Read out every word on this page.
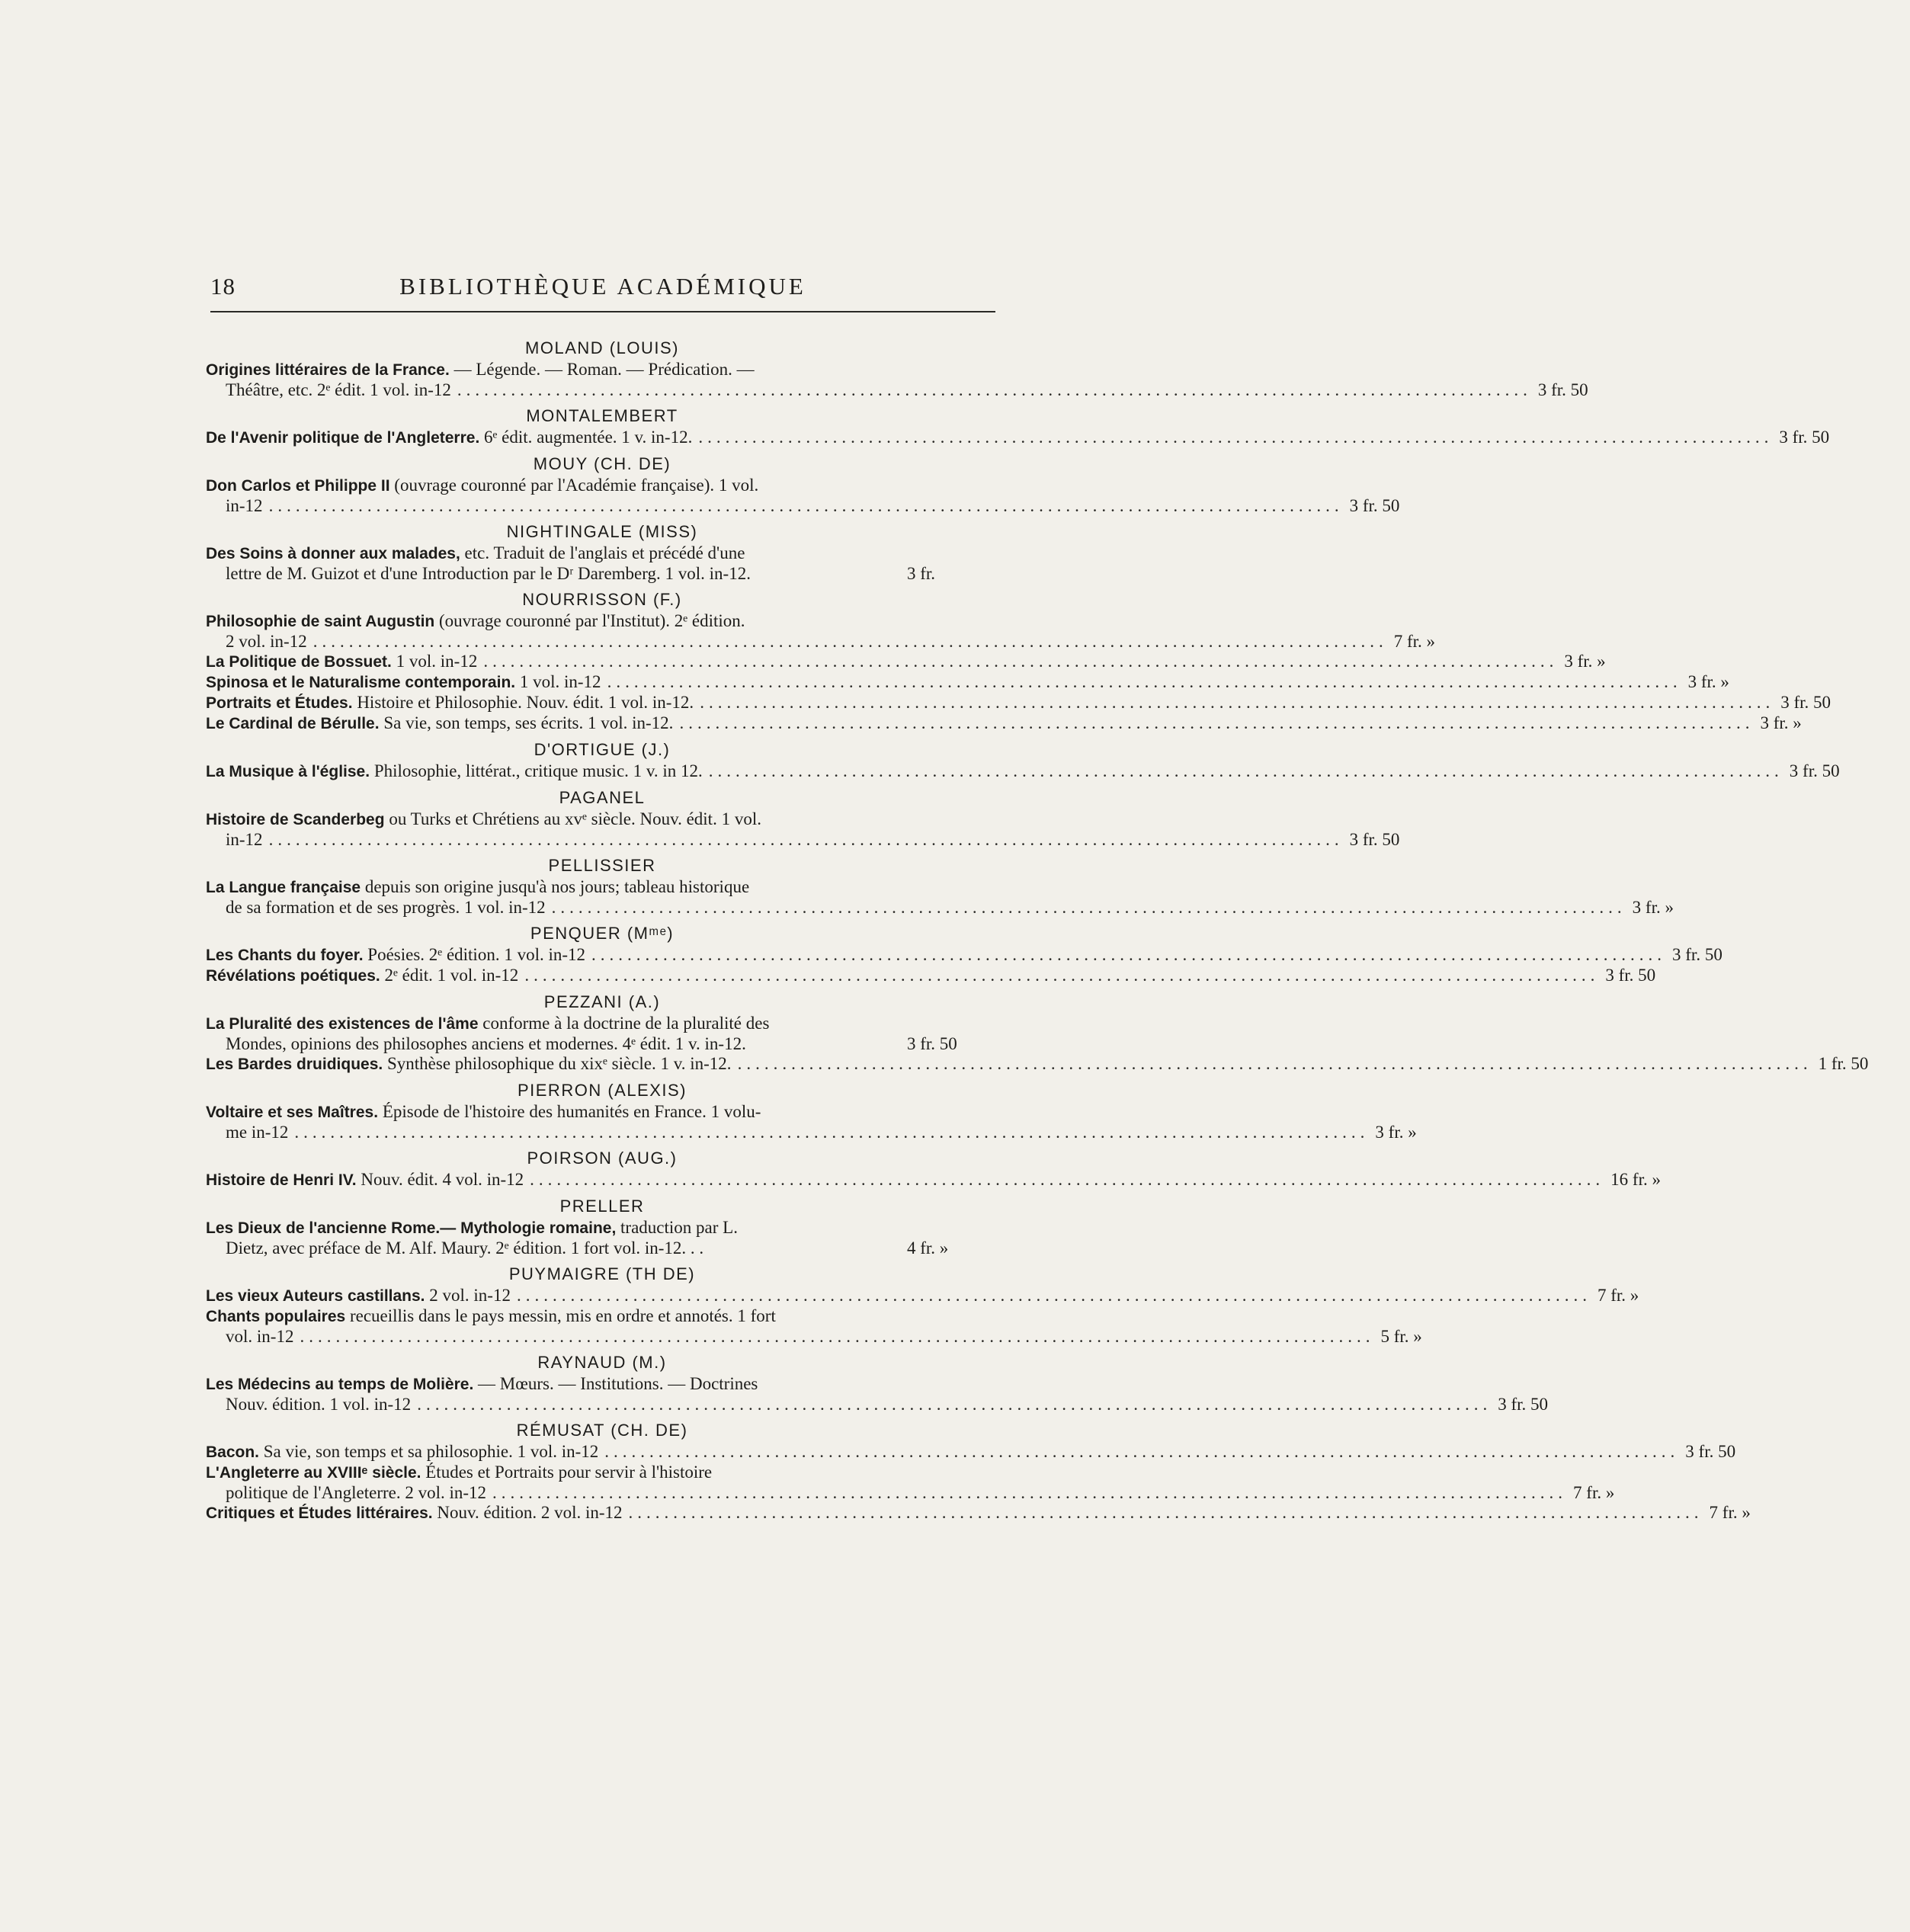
18	BIBLIOTHÈQUE ACADÉMIQUE
MOLAND (LOUIS)
Origines littéraires de la France. — Légende. — Roman. — Prédication. —
Théâtre, etc. 2ᵉ édit. 1 vol. in-12 ........................................................................................................................ 3 fr. 50
MONTALEMBERT
De l'Avenir politique de l'Angleterre. 6ᵉ édit. augmentée. 1 v. in-12. ........................................................................................................................ 3 fr. 50
MOUY (CH. DE)
Don Carlos et Philippe II (ouvrage couronné par l'Académie française). 1 vol.
in-12 ........................................................................................................................ 3 fr. 50
NIGHTINGALE (MISS)
Des Soins à donner aux malades, etc. Traduit de l'anglais et précédé d'une
lettre de M. Guizot et d'une Introduction par le Dʳ Daremberg. 1 vol. in-12.	3 fr.
NOURRISSON (F.)
Philosophie de saint Augustin (ouvrage couronné par l'Institut). 2ᵉ édition.
2 vol. in-12 ........................................................................................................................ 7 fr. »
La Politique de Bossuet. 1 vol. in-12 ........................................................................................................................ 3 fr. »
Spinosa et le Naturalisme contemporain. 1 vol. in-12 ........................................................................................................................ 3 fr. »
Portraits et Études. Histoire et Philosophie. Nouv. édit. 1 vol. in-12. ........................................................................................................................ 3 fr. 50
Le Cardinal de Bérulle. Sa vie, son temps, ses écrits. 1 vol. in-12. ........................................................................................................................ 3 fr. »
D'ORTIGUE (J.)
La Musique à l'église. Philosophie, littérat., critique music. 1 v. in 12. ........................................................................................................................ 3 fr. 50
PAGANEL
Histoire de Scanderbeg ou Turks et Chrétiens au xvᵉ siècle. Nouv. édit. 1 vol.
in-12 ........................................................................................................................ 3 fr. 50
PELLISSIER
La Langue française depuis son origine jusqu'à nos jours; tableau historique
de sa formation et de ses progrès. 1 vol. in-12 ........................................................................................................................ 3 fr. »
PENQUER (Mᵐᵉ)
Les Chants du foyer. Poésies. 2ᵉ édition. 1 vol. in-12 ........................................................................................................................ 3 fr. 50
Révélations poétiques. 2ᵉ édit. 1 vol. in-12 ........................................................................................................................ 3 fr. 50
PEZZANI (A.)
La Pluralité des existences de l'âme conforme à la doctrine de la pluralité des
Mondes, opinions des philosophes anciens et modernes. 4ᵉ édit. 1 v. in-12.	3 fr. 50
Les Bardes druidiques. Synthèse philosophique du xixᵉ siècle. 1 v. in-12. ........................................................................................................................ 1 fr. 50
PIERRON (ALEXIS)
Voltaire et ses Maîtres. Épisode de l'histoire des humanités en France. 1 volu-
me in-12 ........................................................................................................................ 3 fr. »
POIRSON (AUG.)
Histoire de Henri IV. Nouv. édit. 4 vol. in-12 ........................................................................................................................ 16 fr. »
PRELLER
Les Dieux de l'ancienne Rome.— Mythologie romaine, traduction par L.
Dietz, avec préface de M. Alf. Maury. 2ᵉ édition. 1 fort vol. in-12. . .	4 fr. »
PUYMAIGRE (TH DE)
Les vieux Auteurs castillans. 2 vol. in-12 ........................................................................................................................ 7 fr. »
Chants populaires recueillis dans le pays messin, mis en ordre et annotés. 1 fort
vol. in-12 ........................................................................................................................ 5 fr. »
RAYNAUD (M.)
Les Médecins au temps de Molière. — Mœurs. — Institutions. — Doctrines
Nouv. édition. 1 vol. in-12 ........................................................................................................................ 3 fr. 50
RÉMUSAT (CH. DE)
Bacon. Sa vie, son temps et sa philosophie. 1 vol. in-12 ........................................................................................................................ 3 fr. 50
L'Angleterre au XVIIIᵉ siècle. Études et Portraits pour servir à l'histoire
politique de l'Angleterre. 2 vol. in-12 ........................................................................................................................ 7 fr. »
Critiques et Études littéraires. Nouv. édition. 2 vol. in-12 ........................................................................................................................ 7 fr. »
